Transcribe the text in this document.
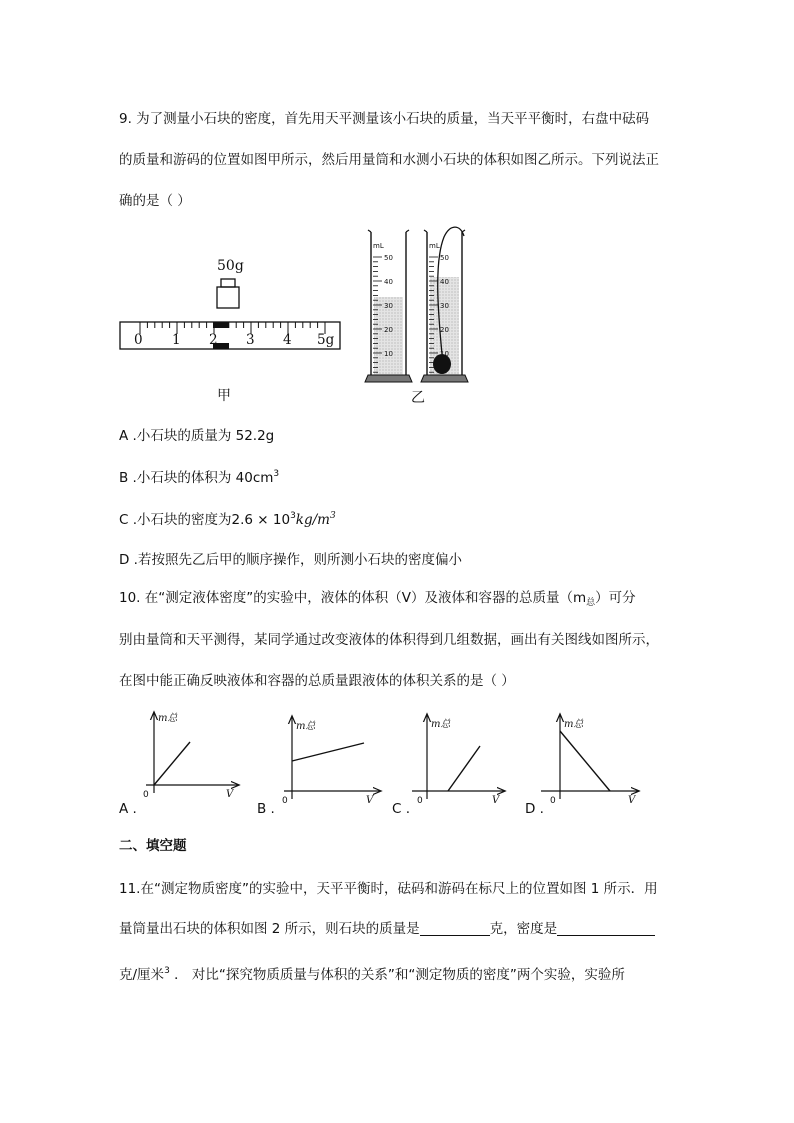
9. 为了测量小石块的密度，首先用天平测量该小石块的质量，当天平平衡时，右盘中砝码
的质量和游码的位置如图甲所示，然后用量筒和水测小石块的体积如图乙所示。下列说法正
确的是（ ）
50g
0 1 2 3 4 5g
甲
mL	mL
50
40
30
20
10
50
40
30
20
10
乙
A .小石块的质量为 52.2g
B .小石块的体积为 $40cm^3$
C .小石块的密度为$2.6 \times 10^3kg/m^3$
D .若按照先乙后甲的顺序操作，则所测小石块的密度偏小
10. 在“测定液体密度”的实验中，液体的体积（V）及液体和容器的总质量$(m_总)$可分
别由量筒和天平测得，某同学通过改变液体的体积得到几组数据，画出有关图线如图所示，
在图中能正确反映液体和容器的总质量跟液体的体积关系的是（ ）
m总
V
0
m总
V
0
m总
V
0
m总
V
0
A .	B .	C .	D .
二、填空题
11.在“测定物质密度”的实验中，天平平衡时，砝码和游码在标尺上的位置如图 1 所示．用
量筒量出石块的体积如图 2 所示，则石块的质量是	克，密度是
克/厘米$^3$ ． 对比“探究物质质量与体积的关系”和“测定物质的密度”两个实验，实验所
